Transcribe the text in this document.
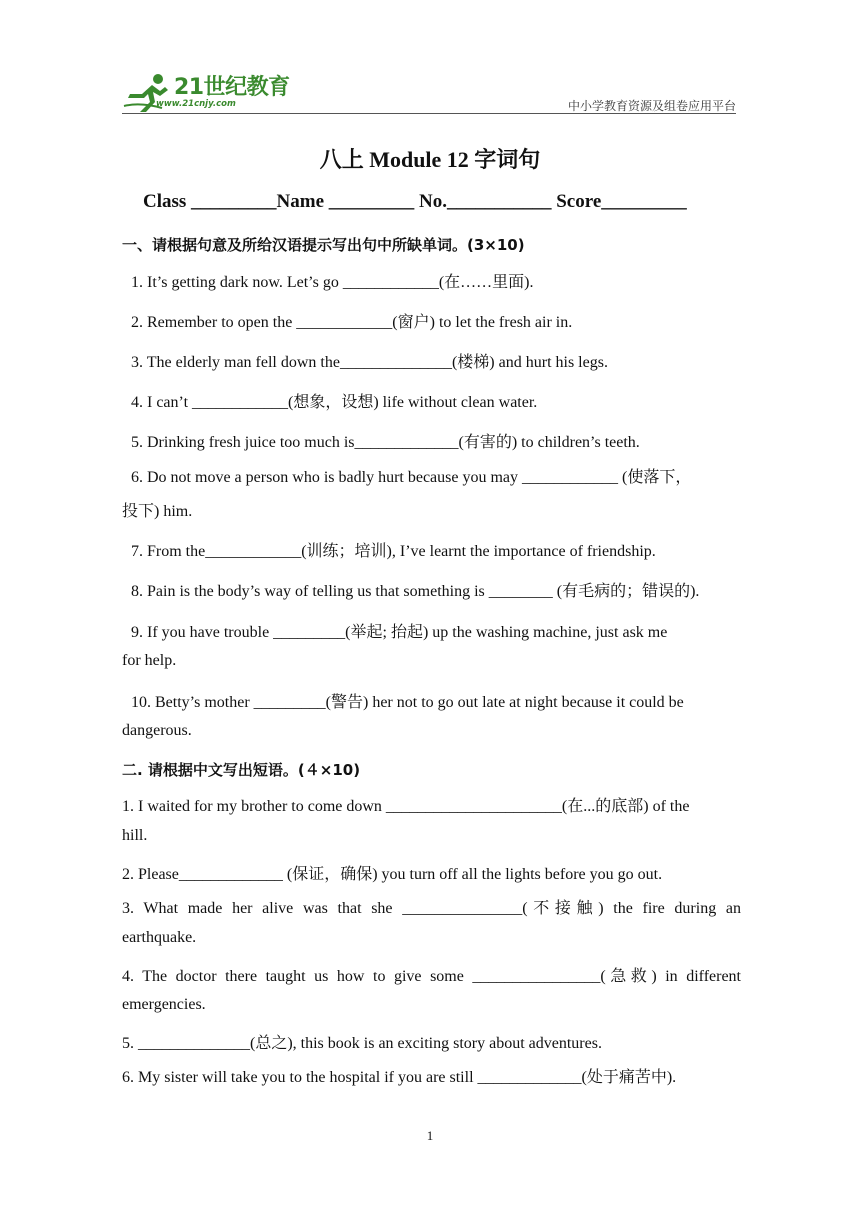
21世纪教育
www.21cnjy.com	中小学教育资源及组卷应用平台
八上 Module 12 字词句
Class _________Name _________ No.___________ Score_________
一、请根据句意及所给汉语提示写出句中所缺单词。(3×10)
1. It’s getting dark now. Let’s go ____________(在……里面).
2. Remember to open the ____________(窗户) to let the fresh air in.
3. The elderly man fell down the______________(楼梯) and hurt his legs.
4. I can’t ____________(想象，设想) life without clean water.
5. Drinking fresh juice too much is_____________(有害的) to children’s teeth.
6. Do not move a person who is badly hurt because you may ____________ (使落下，
投下) him.
7. From the____________(训练；培训), I’ve learnt the importance of friendship.
8. Pain is the body’s way of telling us that something is ________ (有毛病的；错误的).
9. If you have trouble _________(举起; 抬起) up the washing machine, just ask me
for help.
10. Betty’s mother _________(警告) her not to go out late at night because it could be
dangerous.
二. 请根据中文写出短语。(４×10)
1. I waited for my brother to come down ______________________(在...的底部) of the
hill.
2. Please_____________ (保证，确保) you turn off all the lights before you go out.
3. What made her alive was that she _______________(不接触) the fire during an
earthquake.
4. The doctor there taught us how to give some ________________(急救) in different
emergencies.
5. ______________(总之), this book is an exciting story about adventures.
6. My sister will take you to the hospital if you are still _____________(处于痛苦中).
1
